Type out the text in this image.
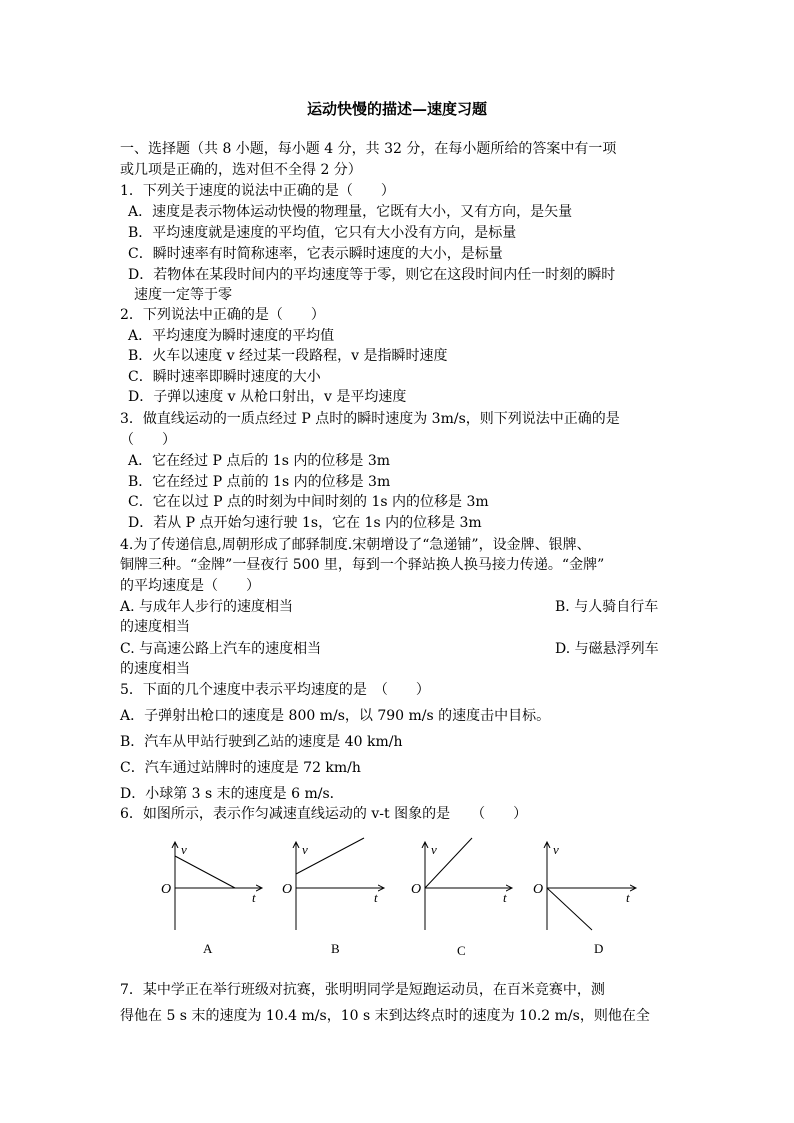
运动快慢的描述—速度习题
一、选择题（共 8 小题，每小题 4 分，共 32 分，在每小题所给的答案中有一项
或几项是正确的，选对但不全得 2 分）
1．下列关于速度的说法中正确的是（　　）
A．速度是表示物体运动快慢的物理量，它既有大小，又有方向，是矢量
B．平均速度就是速度的平均值，它只有大小没有方向，是标量
C．瞬时速率有时简称速率，它表示瞬时速度的大小，是标量
D．若物体在某段时间内的平均速度等于零，则它在这段时间内任一时刻的瞬时
速度一定等于零
2．下列说法中正确的是（　　）
A．平均速度为瞬时速度的平均值
B．火车以速度 v 经过某一段路程，v 是指瞬时速度
C．瞬时速率即瞬时速度的大小
D．子弹以速度 v 从枪口射出，v 是平均速度
3．做直线运动的一质点经过 P 点时的瞬时速度为 3m/s，则下列说法中正确的是
（　　）
A．它在经过 P 点后的 1s 内的位移是 3m
B．它在经过 P 点前的 1s 内的位移是 3m
C．它在以过 P 点的时刻为中间时刻的 1s 内的位移是 3m
D．若从 P 点开始匀速行驶 1s，它在 1s 内的位移是 3m
4.为了传递信息,周朝形成了邮驿制度.宋朝增设了“急递铺”，设金牌、银牌、
铜牌三种。“金牌”一昼夜行 500 里，每到一个驿站换人换马接力传递。“金牌”
的平均速度是（　　）
A. 与成年人步行的速度相当	B. 与人骑自行车
的速度相当
C. 与高速公路上汽车的速度相当	D. 与磁悬浮列车
的速度相当
5．下面的几个速度中表示平均速度的是　（　　）
A．子弹射出枪口的速度是 800 m/s，以 790 m/s 的速度击中目标。
B．汽车从甲站行驶到乙站的速度是 40 km/h
C．汽车通过站牌时的速度是 72 km/h
D．小球第 3 s 末的速度是 6 m/s．
6．如图所示，表示作匀减速直线运动的 v-t 图象的是　　（　　）
v
O
t
A
v
O
t
B
v
O
t
C
v
O
t
D
7．某中学正在举行班级对抗赛，张明明同学是短跑运动员，在百米竞赛中，测
得他在 5 s 末的速度为 10.4 m/s，10 s 末到达终点时的速度为 10.2 m/s，则他在全
